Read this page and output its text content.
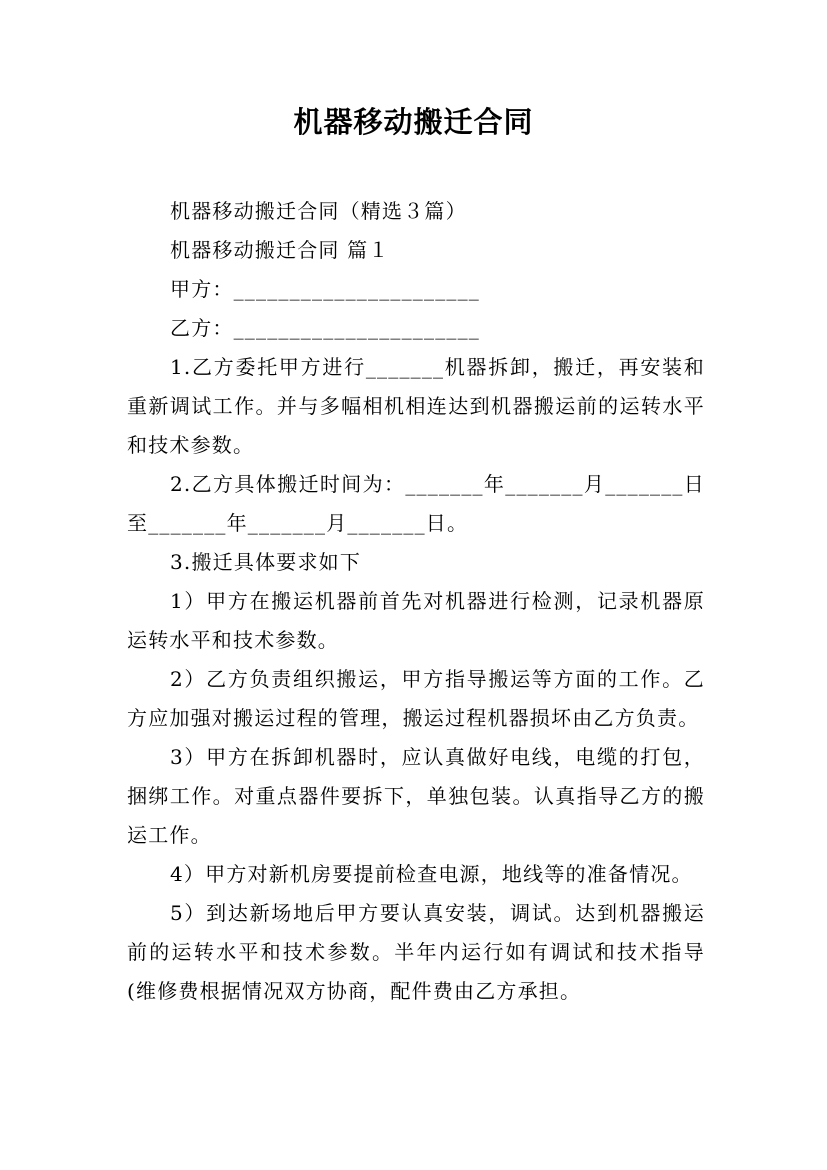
机器移动搬迁合同
机器移动搬迁合同（精选３篇）
机器移动搬迁合同 篇１
甲方：______________________
乙方：______________________
1.乙方委托甲方进行_______机器拆卸，搬迁，再安装和重新调试工作。并与多幅相机相连达到机器搬运前的运转水平和技术参数。
2.乙方具体搬迁时间为：_______年_______月_______日至_______年_______月_______日。
3.搬迁具体要求如下
1）甲方在搬运机器前首先对机器进行检测，记录机器原运转水平和技术参数。
2）乙方负责组织搬运，甲方指导搬运等方面的工作。乙方应加强对搬运过程的管理，搬运过程机器损坏由乙方负责。
3）甲方在拆卸机器时，应认真做好电线，电缆的打包，捆绑工作。对重点器件要拆下，单独包装。认真指导乙方的搬运工作。
4）甲方对新机房要提前检查电源，地线等的准备情况。
5）到达新场地后甲方要认真安装，调试。达到机器搬运前的运转水平和技术参数。半年内运行如有调试和技术指导(维修费根据情况双方协商，配件费由乙方承担。
